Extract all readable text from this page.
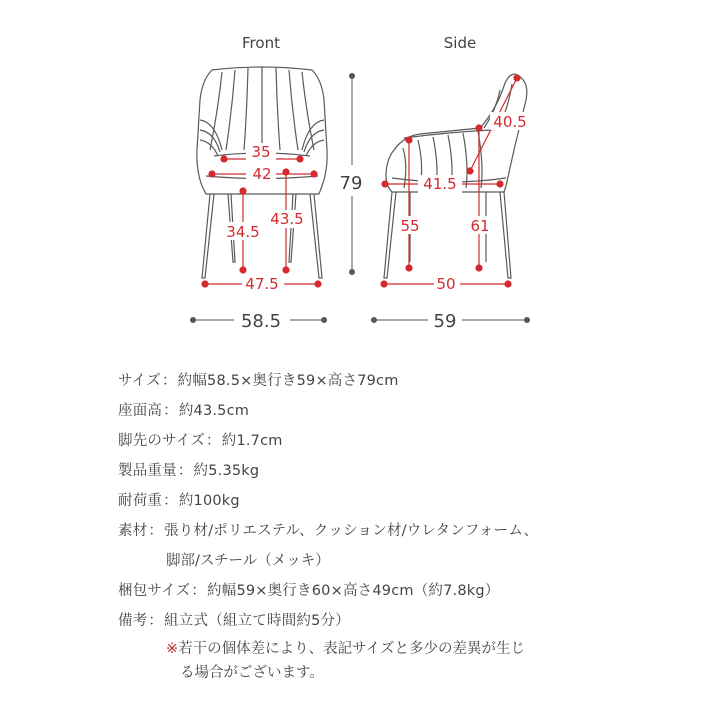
Front	Side
35
42
34.5
43.5
47.5
58.5
79
40.5
41.5
55	61
50
59
サイズ：約幅58.5×奥行き59×高さ79cm
座面高：約43.5cm
脚先のサイズ：約1.7cm
製品重量：約5.35kg
耐荷重：約100kg
素材：張り材/ポリエステル、クッション材/ウレタンフォーム、
脚部/スチール（メッキ）
梱包サイズ：約幅59×奥行き60×高さ49cm（約7.8kg）
備考：組立式（組立て時間約5分）
※若干の個体差により、表記サイズと多少の差異が生じ
る場合がございます。
